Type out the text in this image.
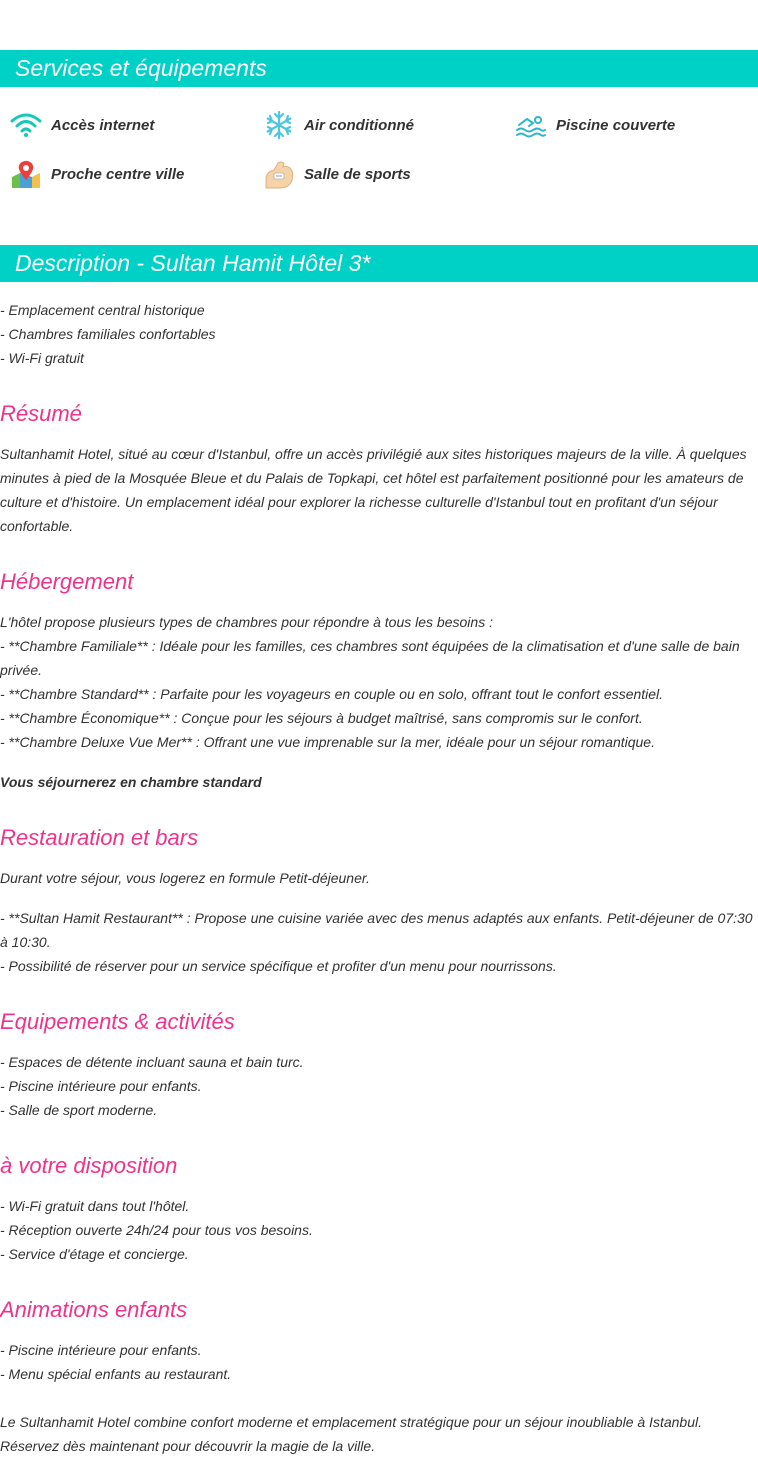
Services et équipements
Accès internet	Air conditionné	Piscine couverte
Proche centre ville	Salle de sports
Description - Sultan Hamit Hôtel 3*

- Emplacement central historique

- Chambres familiales confortables

- Wi-Fi gratuit

Résumé

Sultanhamit Hotel, situé au cœur d'Istanbul, offre un accès privilégié aux sites historiques majeurs de la ville. À quelques minutes à pied de la Mosquée Bleue et du Palais de Topkapi, cet hôtel est parfaitement positionné pour les amateurs de culture et d'histoire. Un emplacement idéal pour explorer la richesse culturelle d'Istanbul tout en profitant d'un séjour confortable.

Hébergement

L'hôtel propose plusieurs types de chambres pour répondre à tous les besoins :

- **Chambre Familiale** : Idéale pour les familles, ces chambres sont équipées de la climatisation et d'une salle de bain privée.

- **Chambre Standard** : Parfaite pour les voyageurs en couple ou en solo, offrant tout le confort essentiel.

- **Chambre Économique** : Conçue pour les séjours à budget maîtrisé, sans compromis sur le confort.

- **Chambre Deluxe Vue Mer** : Offrant une vue imprenable sur la mer, idéale pour un séjour romantique.

Vous séjournerez en chambre standard
Restauration et bars
Durant votre séjour, vous logerez en formule Petit-déjeuner.

- **Sultan Hamit Restaurant** : Propose une cuisine variée avec des menus adaptés aux enfants. Petit-déjeuner de 07:30 à 10:30.

- Possibilité de réserver pour un service spécifique et profiter d'un menu pour nourrissons.

Equipements & activités

- Espaces de détente incluant sauna et bain turc.

- Piscine intérieure pour enfants.

- Salle de sport moderne.

à votre disposition

- Wi-Fi gratuit dans tout l'hôtel.

- Réception ouverte 24h/24 pour tous vos besoins.

- Service d'étage et concierge.

Animations enfants

- Piscine intérieure pour enfants.

- Menu spécial enfants au restaurant.

Le Sultanhamit Hotel combine confort moderne et emplacement stratégique pour un séjour inoubliable à Istanbul. Réservez dès maintenant pour découvrir la magie de la ville.
